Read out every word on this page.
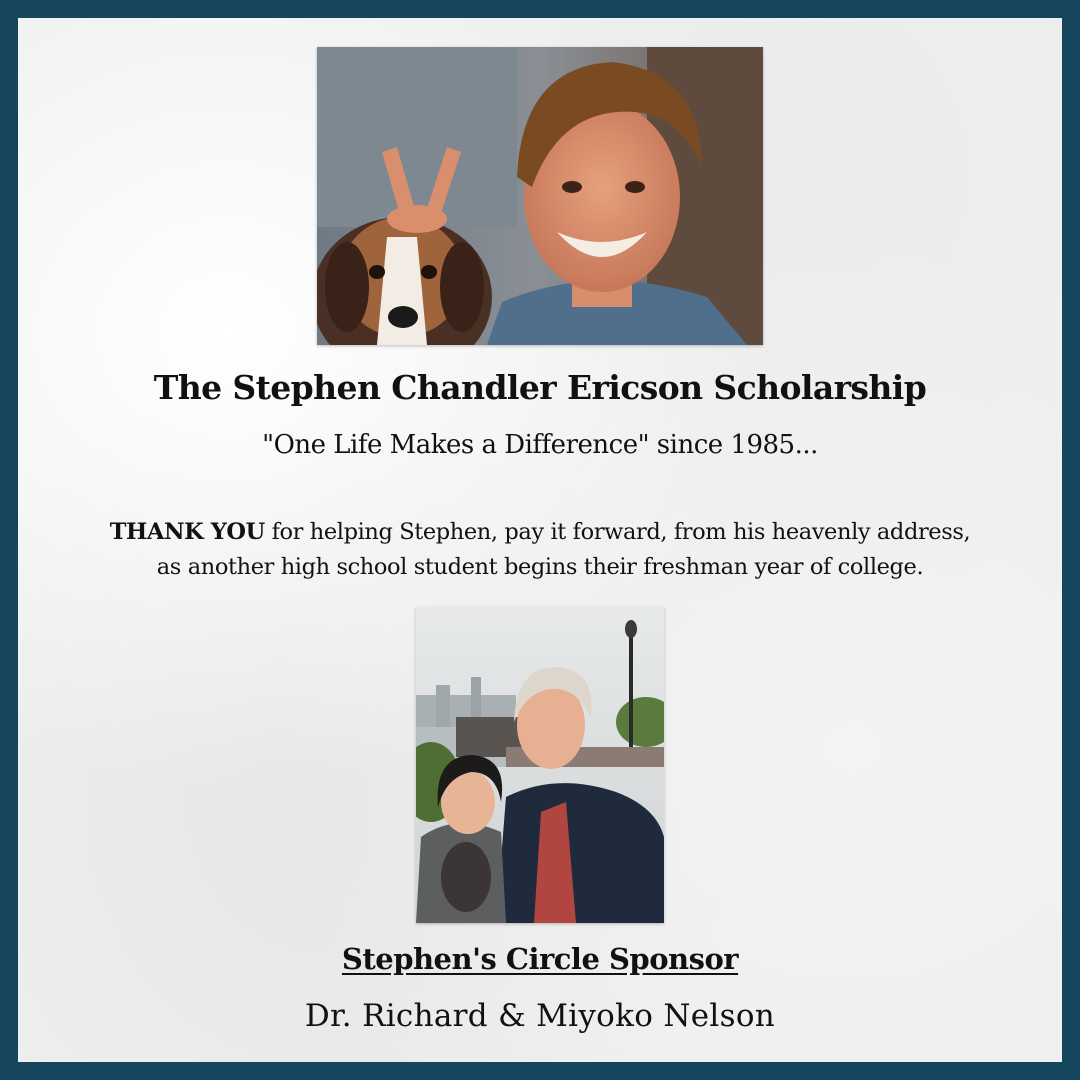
The Stephen Chandler Ericson Scholarship
"One Life Makes a Difference" since 1985...
THANK YOU for helping Stephen, pay it forward, from his heavenly address,
as another high school student begins their freshman year of college.
Stephen's Circle Sponsor
Dr. Richard & Miyoko Nelson
